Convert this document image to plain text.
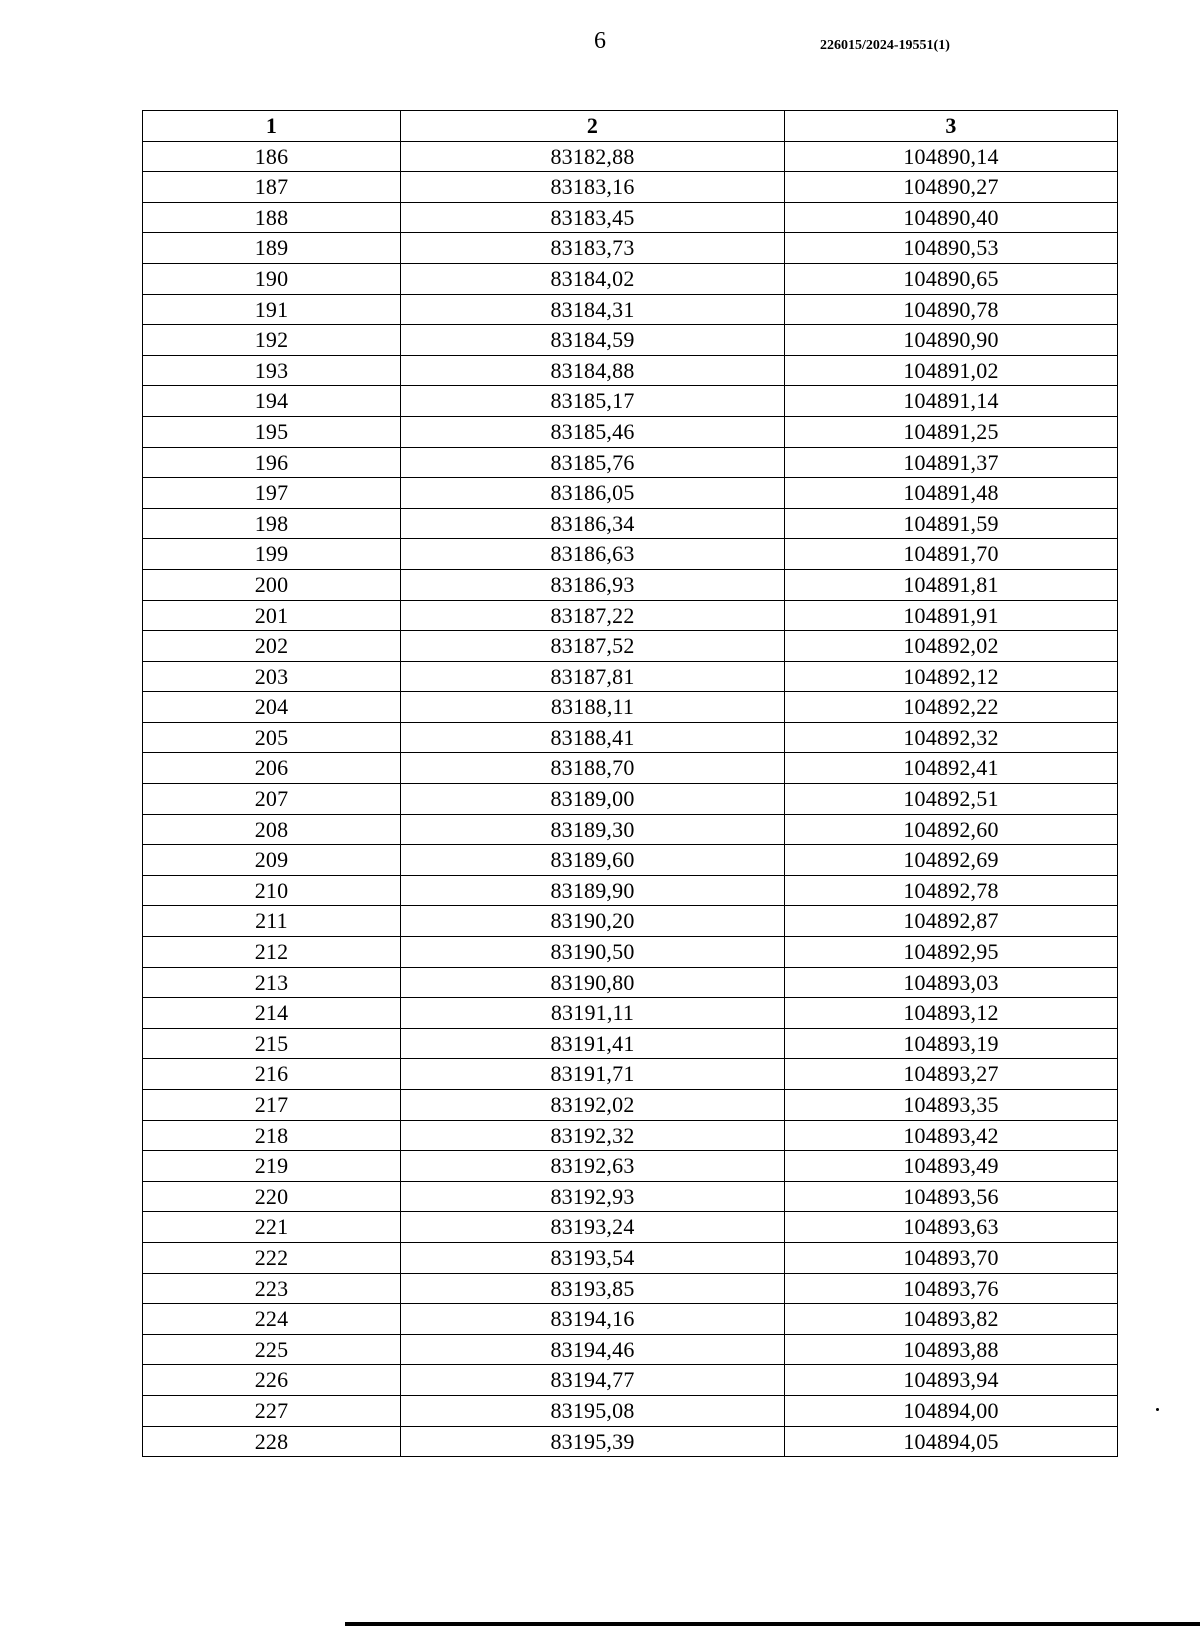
6	226015/2024-19551(1)
1	2	3
186	83182,88	104890,14
187	83183,16	104890,27
188	83183,45	104890,40
189	83183,73	104890,53
190	83184,02	104890,65
191	83184,31	104890,78
192	83184,59	104890,90
193	83184,88	104891,02
194	83185,17	104891,14
195	83185,46	104891,25
196	83185,76	104891,37
197	83186,05	104891,48
198	83186,34	104891,59
199	83186,63	104891,70
200	83186,93	104891,81
201	83187,22	104891,91
202	83187,52	104892,02
203	83187,81	104892,12
204	83188,11	104892,22
205	83188,41	104892,32
206	83188,70	104892,41
207	83189,00	104892,51
208	83189,30	104892,60
209	83189,60	104892,69
210	83189,90	104892,78
211	83190,20	104892,87
212	83190,50	104892,95
213	83190,80	104893,03
214	83191,11	104893,12
215	83191,41	104893,19
216	83191,71	104893,27
217	83192,02	104893,35
218	83192,32	104893,42
219	83192,63	104893,49
220	83192,93	104893,56
221	83193,24	104893,63
222	83193,54	104893,70
223	83193,85	104893,76
224	83194,16	104893,82
225	83194,46	104893,88
226	83194,77	104893,94
227	83195,08	104894,00
228	83195,39	104894,05
